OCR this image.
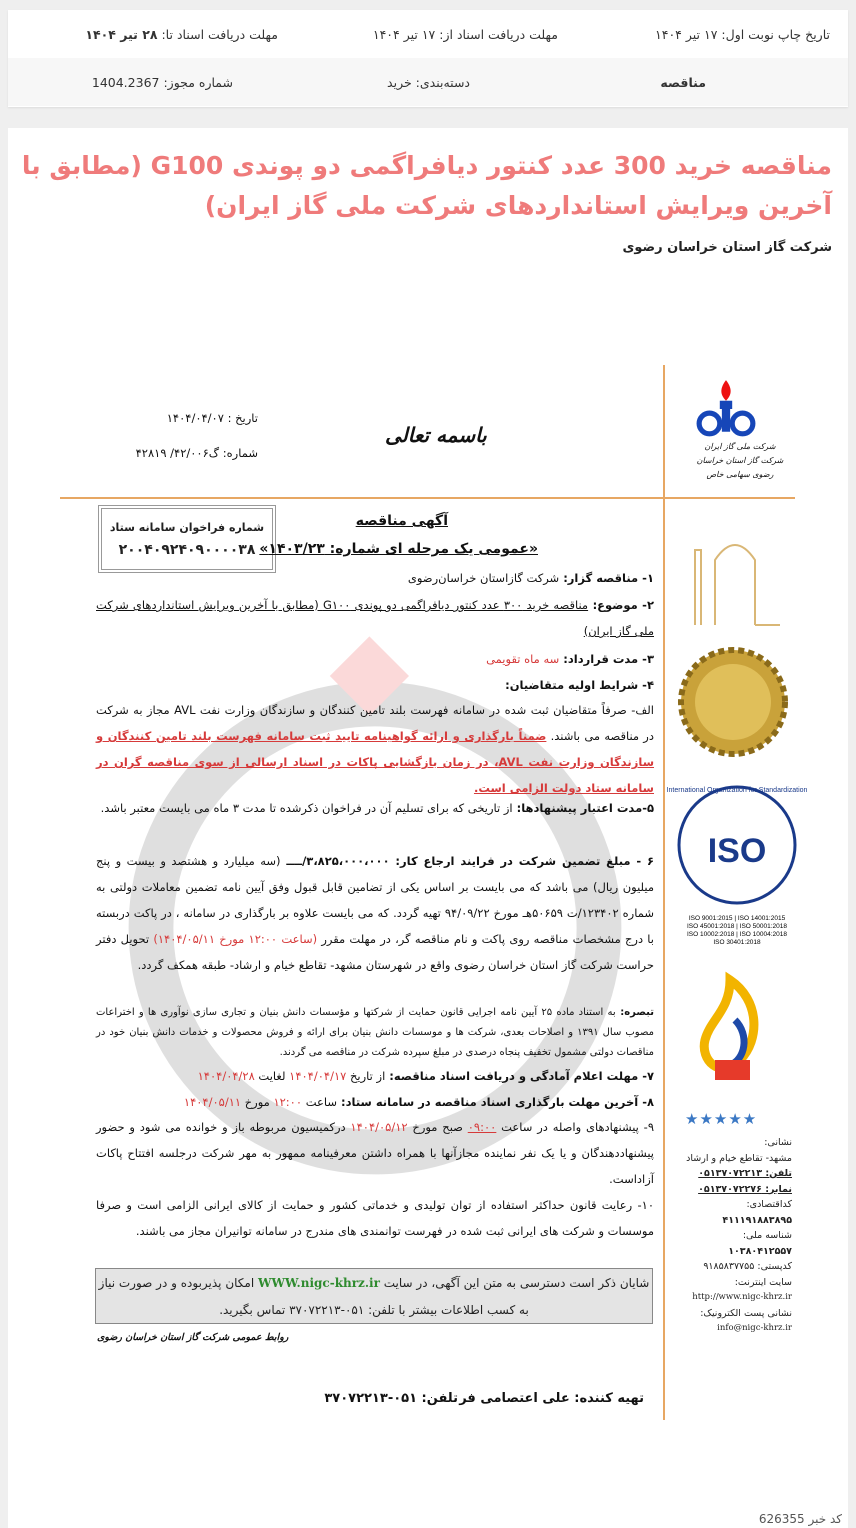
تاریخ چاپ نوبت اول: ۱۷ تیر ۱۴۰۴
مهلت دریافت اسناد از: ۱۷ تیر ۱۴۰۴
مهلت دریافت اسناد تا: ۲۸ تیر ۱۴۰۴
مناقصه
دسته‌بندی: خرید
شماره مجوز: 1404.2367
مناقصه خرید 300 عدد کنتور دیافراگمی دو پوندی G100 (مطابق با آخرین ویرایش استانداردهای شرکت ملی گاز ایران)
شرکت گاز استان خراسان رضوی
تاریخ : ۱۴۰۴/۰۴/۰۷
شماره: گ۴۲/۰۰۶/ ۴۲۸۱۹
باسمه تعالی	شرکت ملی گاز ایران
شرکت گاز استان خراسان رضوی سهامی خاص
International Organization for Standardization
ISO
ISO 9001:2015 | ISO 14001:2015
ISO 45001:2018 | ISO 50001:2018
ISO 10002:2018 | ISO 10004:2018
ISO 30401:2018
★★★★★
نشانی:
مشهد- تقاطع خیام و ارشاد
تلفن: ۰۵۱۳۷۰۷۲۲۱۳
نمابر: ۰۵۱۳۷۰۷۲۲۷۶
کداقتصادی:
۴۱۱۱۹۱۸۸۳۸۹۵
شناسه ملی:
۱۰۳۸۰۴۱۲۵۵۷
کدپستی: ۹۱۸۵۸۳۷۷۵۵
سایت اینترنت:
http://www.nigc-khrz.ir
نشانی پست الکترونیک:
info@nigc-khrz.ir
شماره فراخوان سامانه ستاد
۲۰۰۴۰۹۲۴۰۹۰۰۰۰۳۸
آگهی مناقصه
«عمومی یک مرحله ای شماره: ۱۴۰۳/۲۳»
۱- مناقصه گزار: شرکت گازاستان خراسان‌رضوی
۲- موضوع: مناقصه خرید ۳۰۰ عدد کنتور دیافراگمی دو پوندی G۱۰۰ (مطابق با آخرین ویرایش استانداردهای شرکت ملی گاز ایران)
۳- مدت قرارداد: سه ماه تقویمی
۴- شرایط اولیه متقاضیان:
الف- صرفاً متقاضیان ثبت شده در سامانه فهرست بلند تامین کنندگان و سازندگان وزارت نفت AVL مجاز به شرکت در مناقصه می باشند. ضمناً بارگذاری و ارائه گواهینامه تایید ثبت سامانه فهرست بلند تامین کنندگان و سازندگان وزارت نفت AVL، در زمان بازگشایی پاکات در اسناد ارسالی از سوی مناقصه گران در سامانه ستاد دولت الزامی است.
۵-مدت اعتبار پیشنهادها: از تاریخی که برای تسلیم آن در فراخوان ذکرشده تا مدت ۳ ماه می بایست معتبر باشد.
۶ - مبلغ تضمین شرکت در فرایند ارجاع کار: ۳،۸۲۵،۰۰۰،۰۰۰/ــــ (سه میلیارد و هشتصد و بیست و پنج میلیون ریال) می باشد که می بایست بر اساس یکی از تضامین قابل قبول وفق آیین نامه تضمین معاملات دولتی به شماره ۱۲۳۴۰۲/ت ۵۰۶۵۹هـ مورخ ۹۴/۰۹/۲۲ تهیه گردد. که می بایست علاوه بر بارگذاری در سامانه ، در پاکت دربسته با درج مشخصات مناقصه روی پاکت و نام مناقصه گر، در مهلت مقرر (ساعت ۱۲:۰۰ مورخ ۱۴۰۴/۰۵/۱۱) تحویل دفتر حراست شرکت گاز استان خراسان رضوی واقع در شهرستان مشهد- تقاطع خیام و ارشاد- طبقه همکف گردد.
تبصره: به استناد ماده ۲۵ آیین نامه اجرایی قانون حمایت از شرکتها و مؤسسات دانش بنیان و تجاری سازی نوآوری ها و اختراعات مصوب سال ۱۳۹۱ و اصلاحات بعدی، شرکت ها و موسسات دانش بنیان برای ارائه و فروش محصولات و خدمات دانش بنیان خود در مناقصات دولتی مشمول تخفیف پنجاه درصدی در مبلغ سپرده شرکت در مناقصه می گردند.
۷- مهلت اعلام آمادگی و دریافت اسناد مناقصه: از تاریخ ۱۴۰۴/۰۴/۱۷ لغایت ۱۴۰۴/۰۴/۲۸
۸- آخرین مهلت بارگذاری اسناد مناقصه در سامانه ستاد: ساعت ۱۲:۰۰ مورخ ۱۴۰۴/۰۵/۱۱
۹- پیشنهادهای واصله در ساعت ۰۹:۰۰ صبح مورخ ۱۴۰۴/۰۵/۱۲ درکمیسیون مربوطه باز و خوانده می شود و حضور پیشنهاددهندگان و یا یک نفر نماینده مجازآنها با همراه داشتن معرفینامه ممهور به مهر شرکت درجلسه افتتاح پاکات آزاداست.
۱۰- رعایت قانون حداکثر استفاده از توان تولیدی و خدماتی کشور و حمایت از کالای ایرانی الزامی است و صرفا موسسات و شرکت های ایرانی ثبت شده در فهرست توانمندی های مندرج در سامانه توانیران مجاز می باشند.
شایان ذکر است دسترسی به متن این آگهی، در سایت WWW.nigc-khrz.ir امکان پذیربوده و در صورت نیاز به کسب اطلاعات بیشتر با تلفن: ۰۵۱-۳۷۰۷۲۲۱۳ تماس بگیرید.
روابط عمومی شرکت گاز استان خراسان رضوی
تهیه کننده: علی اعتصامی فر
تلفن: ۰۵۱-۳۷۰۷۲۲۱۳
کد خبر 626355
